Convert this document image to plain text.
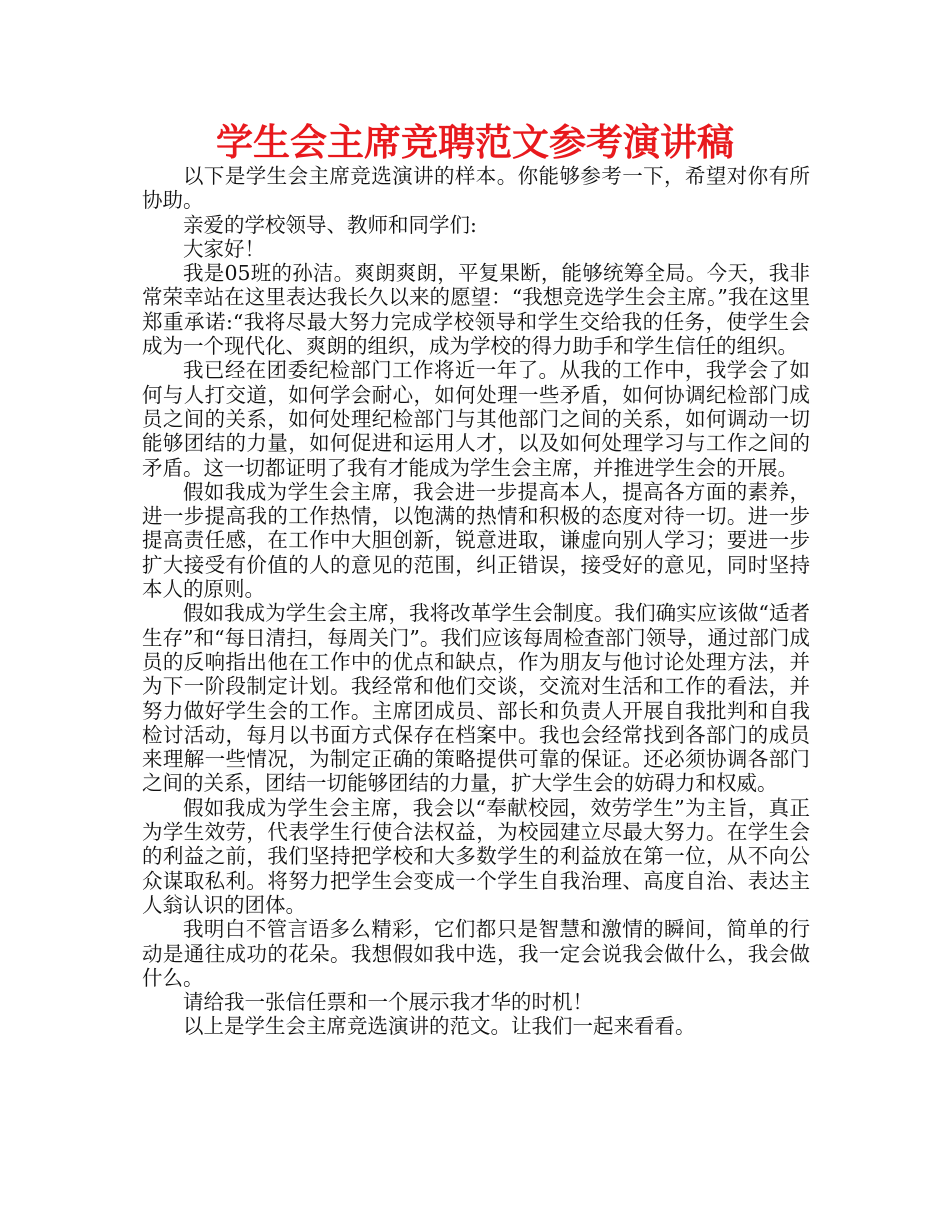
学生会主席竞聘范文参考演讲稿

以下是学生会主席竞选演讲的样本。你能够参考一下，希望对你有所协助。

亲爱的学校领导、教师和同学们:

大家好！

我是05班的孙洁。爽朗爽朗，平复果断，能够统筹全局。今天，我非常荣幸站在这里表达我长久以来的愿望：“我想竞选学生会主席。”我在这里郑重承诺:“我将尽最大努力完成学校领导和学生交给我的任务，使学生会成为一个现代化、爽朗的组织，成为学校的得力助手和学生信任的组织。

我已经在团委纪检部门工作将近一年了。从我的工作中，我学会了如何与人打交道，如何学会耐心，如何处理一些矛盾，如何协调纪检部门成员之间的关系，如何处理纪检部门与其他部门之间的关系，如何调动一切能够团结的力量，如何促进和运用人才，以及如何处理学习与工作之间的矛盾。这一切都证明了我有才能成为学生会主席，并推进学生会的开展。

假如我成为学生会主席，我会进一步提高本人，提高各方面的素养，进一步提高我的工作热情，以饱满的热情和积极的态度对待一切。进一步提高责任感，在工作中大胆创新，锐意进取，谦虚向别人学习；要进一步扩大接受有价值的人的意见的范围，纠正错误，接受好的意见，同时坚持本人的原则。

假如我成为学生会主席，我将改革学生会制度。我们确实应该做“适者生存”和“每日清扫，每周关门”。我们应该每周检查部门领导，通过部门成员的反响指出他在工作中的优点和缺点，作为朋友与他讨论处理方法，并为下一阶段制定计划。我经常和他们交谈，交流对生活和工作的看法，并努力做好学生会的工作。主席团成员、部长和负责人开展自我批判和自我检讨活动，每月以书面方式保存在档案中。我也会经常找到各部门的成员来理解一些情况，为制定正确的策略提供可靠的保证。还必须协调各部门之间的关系，团结一切能够团结的力量，扩大学生会的妨碍力和权威。

假如我成为学生会主席，我会以“奉献校园，效劳学生”为主旨，真正为学生效劳，代表学生行使合法权益，为校园建立尽最大努力。在学生会的利益之前，我们坚持把学校和大多数学生的利益放在第一位，从不向公众谋取私利。将努力把学生会变成一个学生自我治理、高度自治、表达主人翁认识的团体。

我明白不管言语多么精彩，它们都只是智慧和激情的瞬间，简单的行动是通往成功的花朵。我想假如我中选，我一定会说我会做什么，我会做什么。

请给我一张信任票和一个展示我才华的时机！

以上是学生会主席竞选演讲的范文。让我们一起来看看。
